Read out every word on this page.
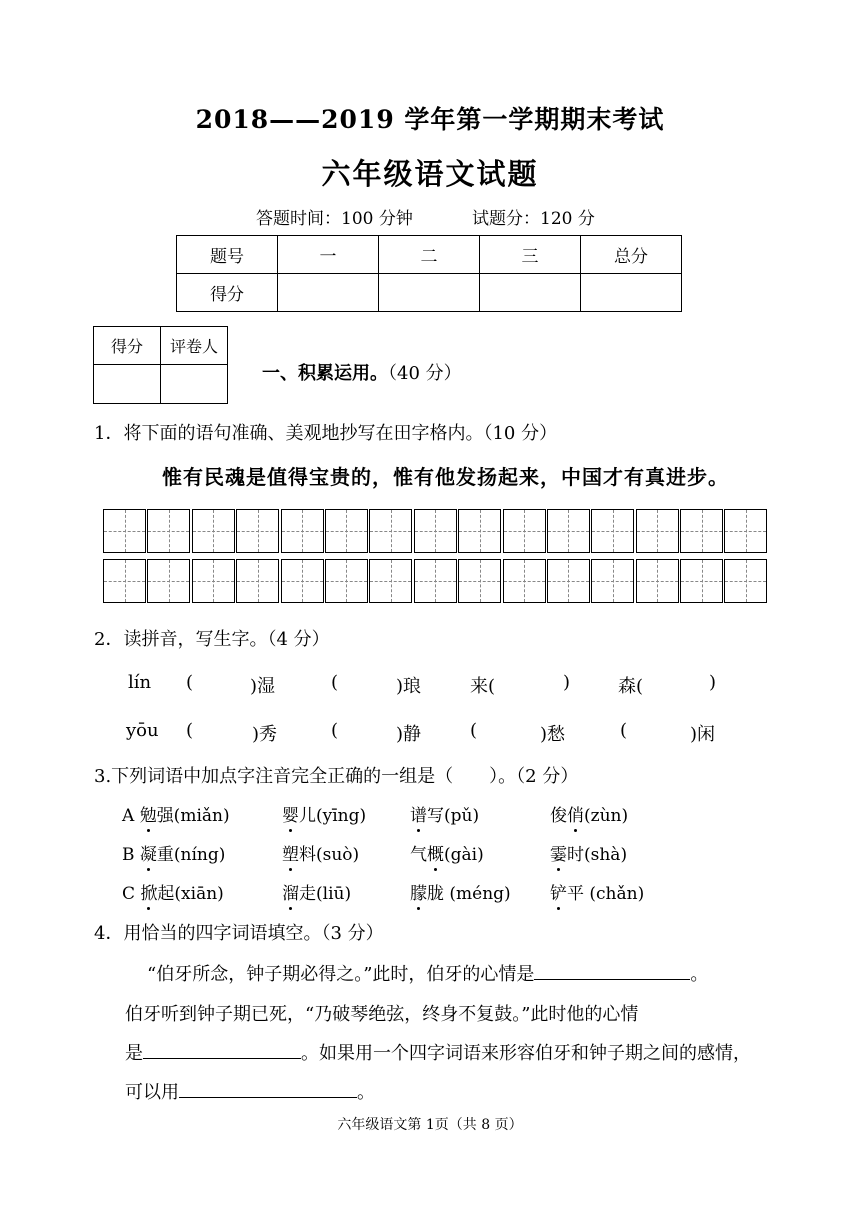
2018——2019 学年第一学期期末考试
六年级语文试题
答题时间：100 分钟	试题分：120 分
题号	一	二	三	总分
得分				
得分	评卷人

一、积累运用。（40 分）
1．将下面的语句准确、美观地抄写在田字格内。（10 分）
惟有民魂是值得宝贵的，惟有他发扬起来，中国才有真进步。
2．读拼音，写生字。（4 分）
lín (	)湿	(	)琅	来(	)	森(	)
yōu (	)秀	(	)静	(	)愁	(	)闲
3.下列词语中加点字注音完全正确的一组是（　　）。（2 分）
A 勉强(miǎn)	婴儿(yīng)	谱写(pǔ)	俊俏(zùn)
B 凝重(níng)	塑料(suò)	气概(gài)	霎时(shà)
C 掀起(xiān)	溜走(liū)	朦胧 (méng) 铲平 (chǎn)
4．用恰当的四字词语填空。（3 分）
“伯牙所念，钟子期必得之。”此时，伯牙的心情是	。
伯牙听到钟子期已死，“乃破琴绝弦，终身不复鼓。”此时他的心情
是	。如果用一个四字词语来形容伯牙和钟子期之间的感情，
可以用	。
六年级语文第 1页（共 8 页）
